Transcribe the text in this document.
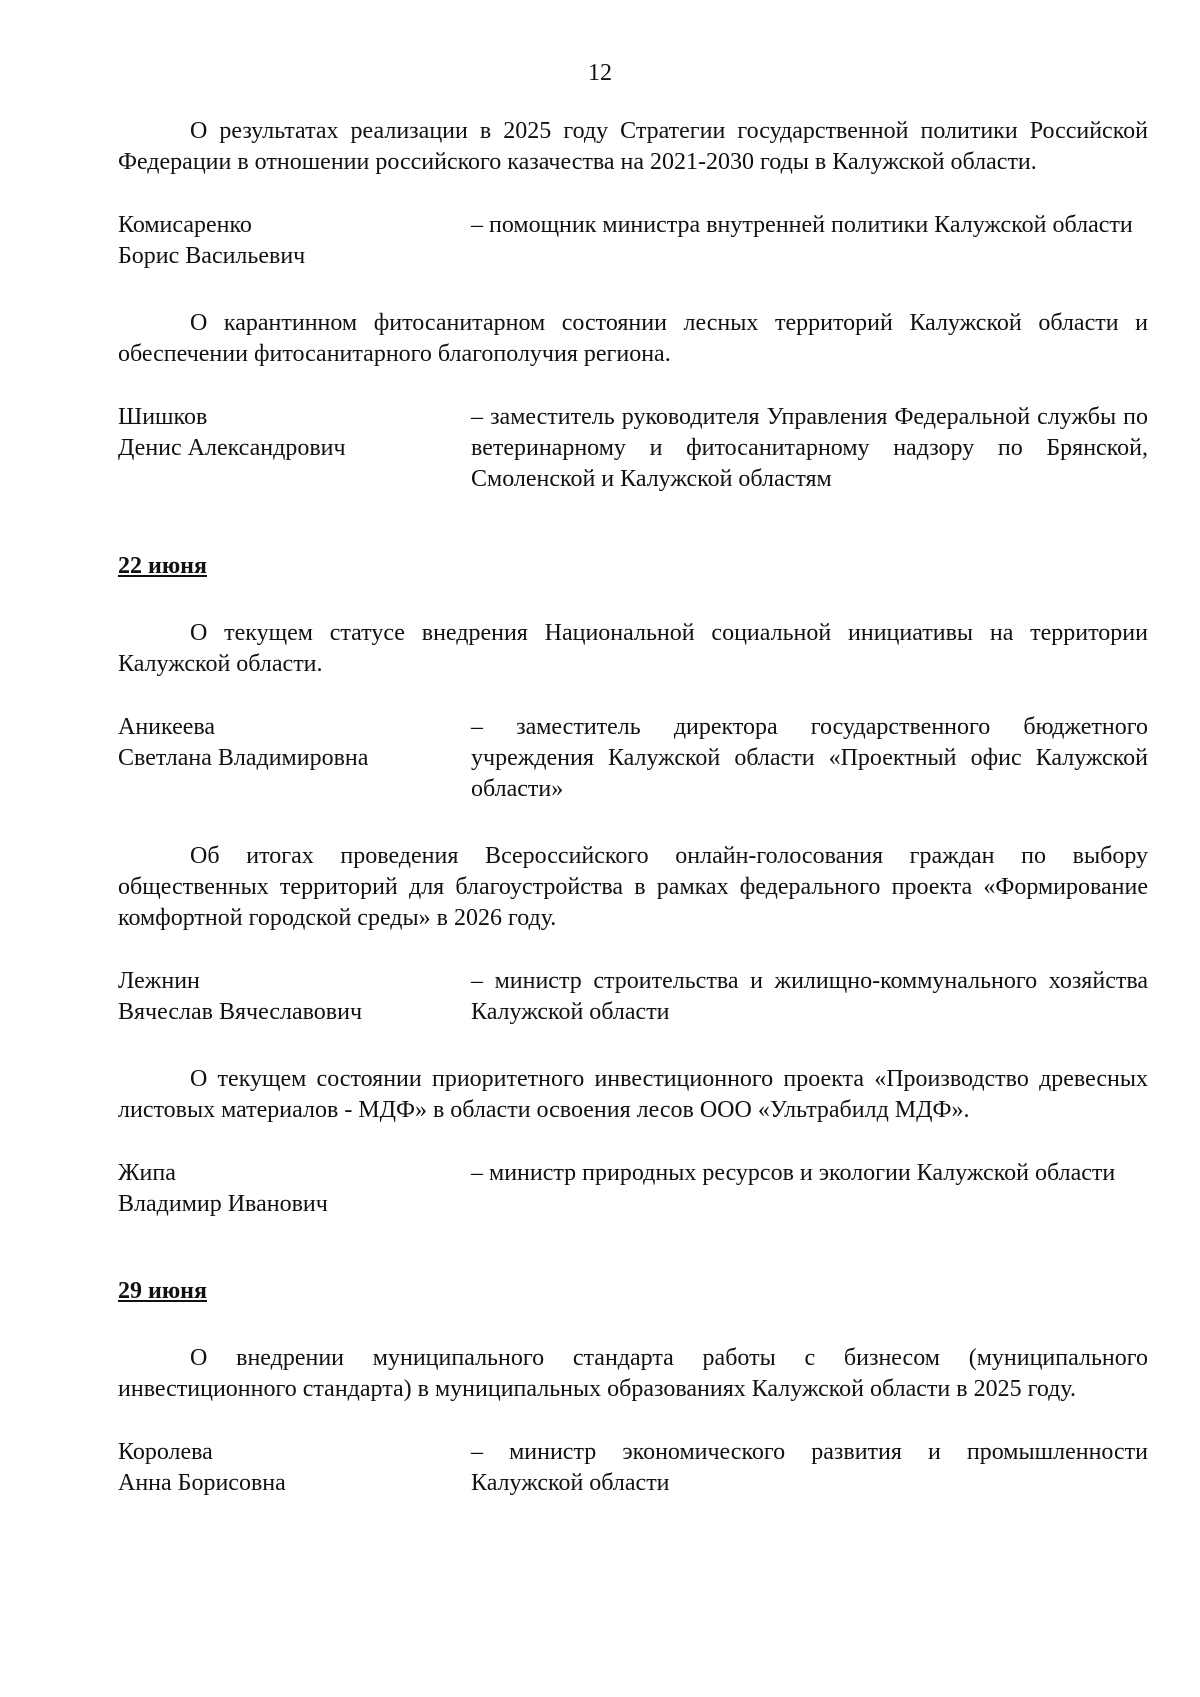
12

О результатах реализации в 2025 году Стратегии государственной политики Российской Федерации в отношении российского казачества на 2021-2030 годы в Калужской области.

Комисаренко
Борис Васильевич
– помощник министра внутренней политики Калужской области

О карантинном фитосанитарном состоянии лесных территорий Калужской области и обеспечении фитосанитарного благополучия региона.

Шишков
Денис Александрович
– заместитель руководителя Управления Федеральной службы по ветеринарному и фитосанитарному надзору по Брянской, Смоленской и Калужской областям
22 июня

О текущем статусе внедрения Национальной социальной инициативы на территории Калужской области.

Аникеева
Светлана Владимировна
– заместитель директора государственного бюджетного учреждения Калужской области «Проектный офис Калужской области»

Об итогах проведения Всероссийского онлайн-голосования граждан по выбору общественных территорий для благоустройства в рамках федерального проекта «Формирование комфортной городской среды» в 2026 году.

Лежнин
Вячеслав Вячеславович
– министр строительства и жилищно-коммунального хозяйства Калужской области

О текущем состоянии приоритетного инвестиционного проекта «Производство древесных листовых материалов - МДФ» в области освоения лесов ООО «Ультрабилд МДФ».

Жипа
Владимир Иванович
– министр природных ресурсов и экологии Калужской области
29 июня

О внедрении муниципального стандарта работы с бизнесом (муниципального инвестиционного стандарта) в муниципальных образованиях Калужской области в 2025 году.

Королева
Анна Борисовна
– министр экономического развития и промышленности Калужской области
